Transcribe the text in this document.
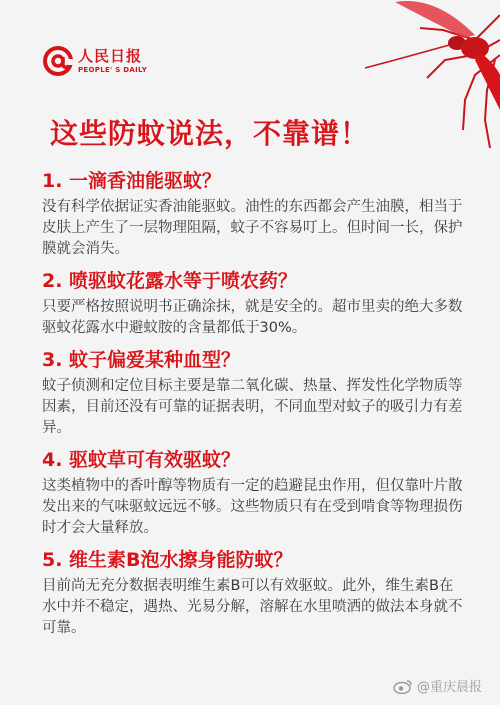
人民日报
PEOPLE' S DAILY
这些防蚊说法，不靠谱！
1. 一滴香油能驱蚊？
没有科学依据证实香油能驱蚊。油性的东西都会产生油膜，相当于皮肤上产生了一层物理阻隔，蚊子不容易叮上。但时间一长，保护膜就会消失。
2. 喷驱蚊花露水等于喷农药？
只要严格按照说明书正确涂抹，就是安全的。超市里卖的绝大多数驱蚊花露水中避蚊胺的含量都低于30%。
3. 蚊子偏爱某种血型？
蚊子侦测和定位目标主要是靠二氧化碳、热量、挥发性化学物质等因素，目前还没有可靠的证据表明，不同血型对蚊子的吸引力有差异。
4. 驱蚊草可有效驱蚊？
这类植物中的香叶醇等物质有一定的趋避昆虫作用，但仅靠叶片散发出来的气味驱蚊远远不够。这些物质只有在受到啃食等物理损伤时才会大量释放。
5. 维生素B泡水擦身能防蚊？
目前尚无充分数据表明维生素B可以有效驱蚊。此外，维生素B在水中并不稳定，遇热、光易分解，溶解在水里喷洒的做法本身就不可靠。
@重庆晨报
